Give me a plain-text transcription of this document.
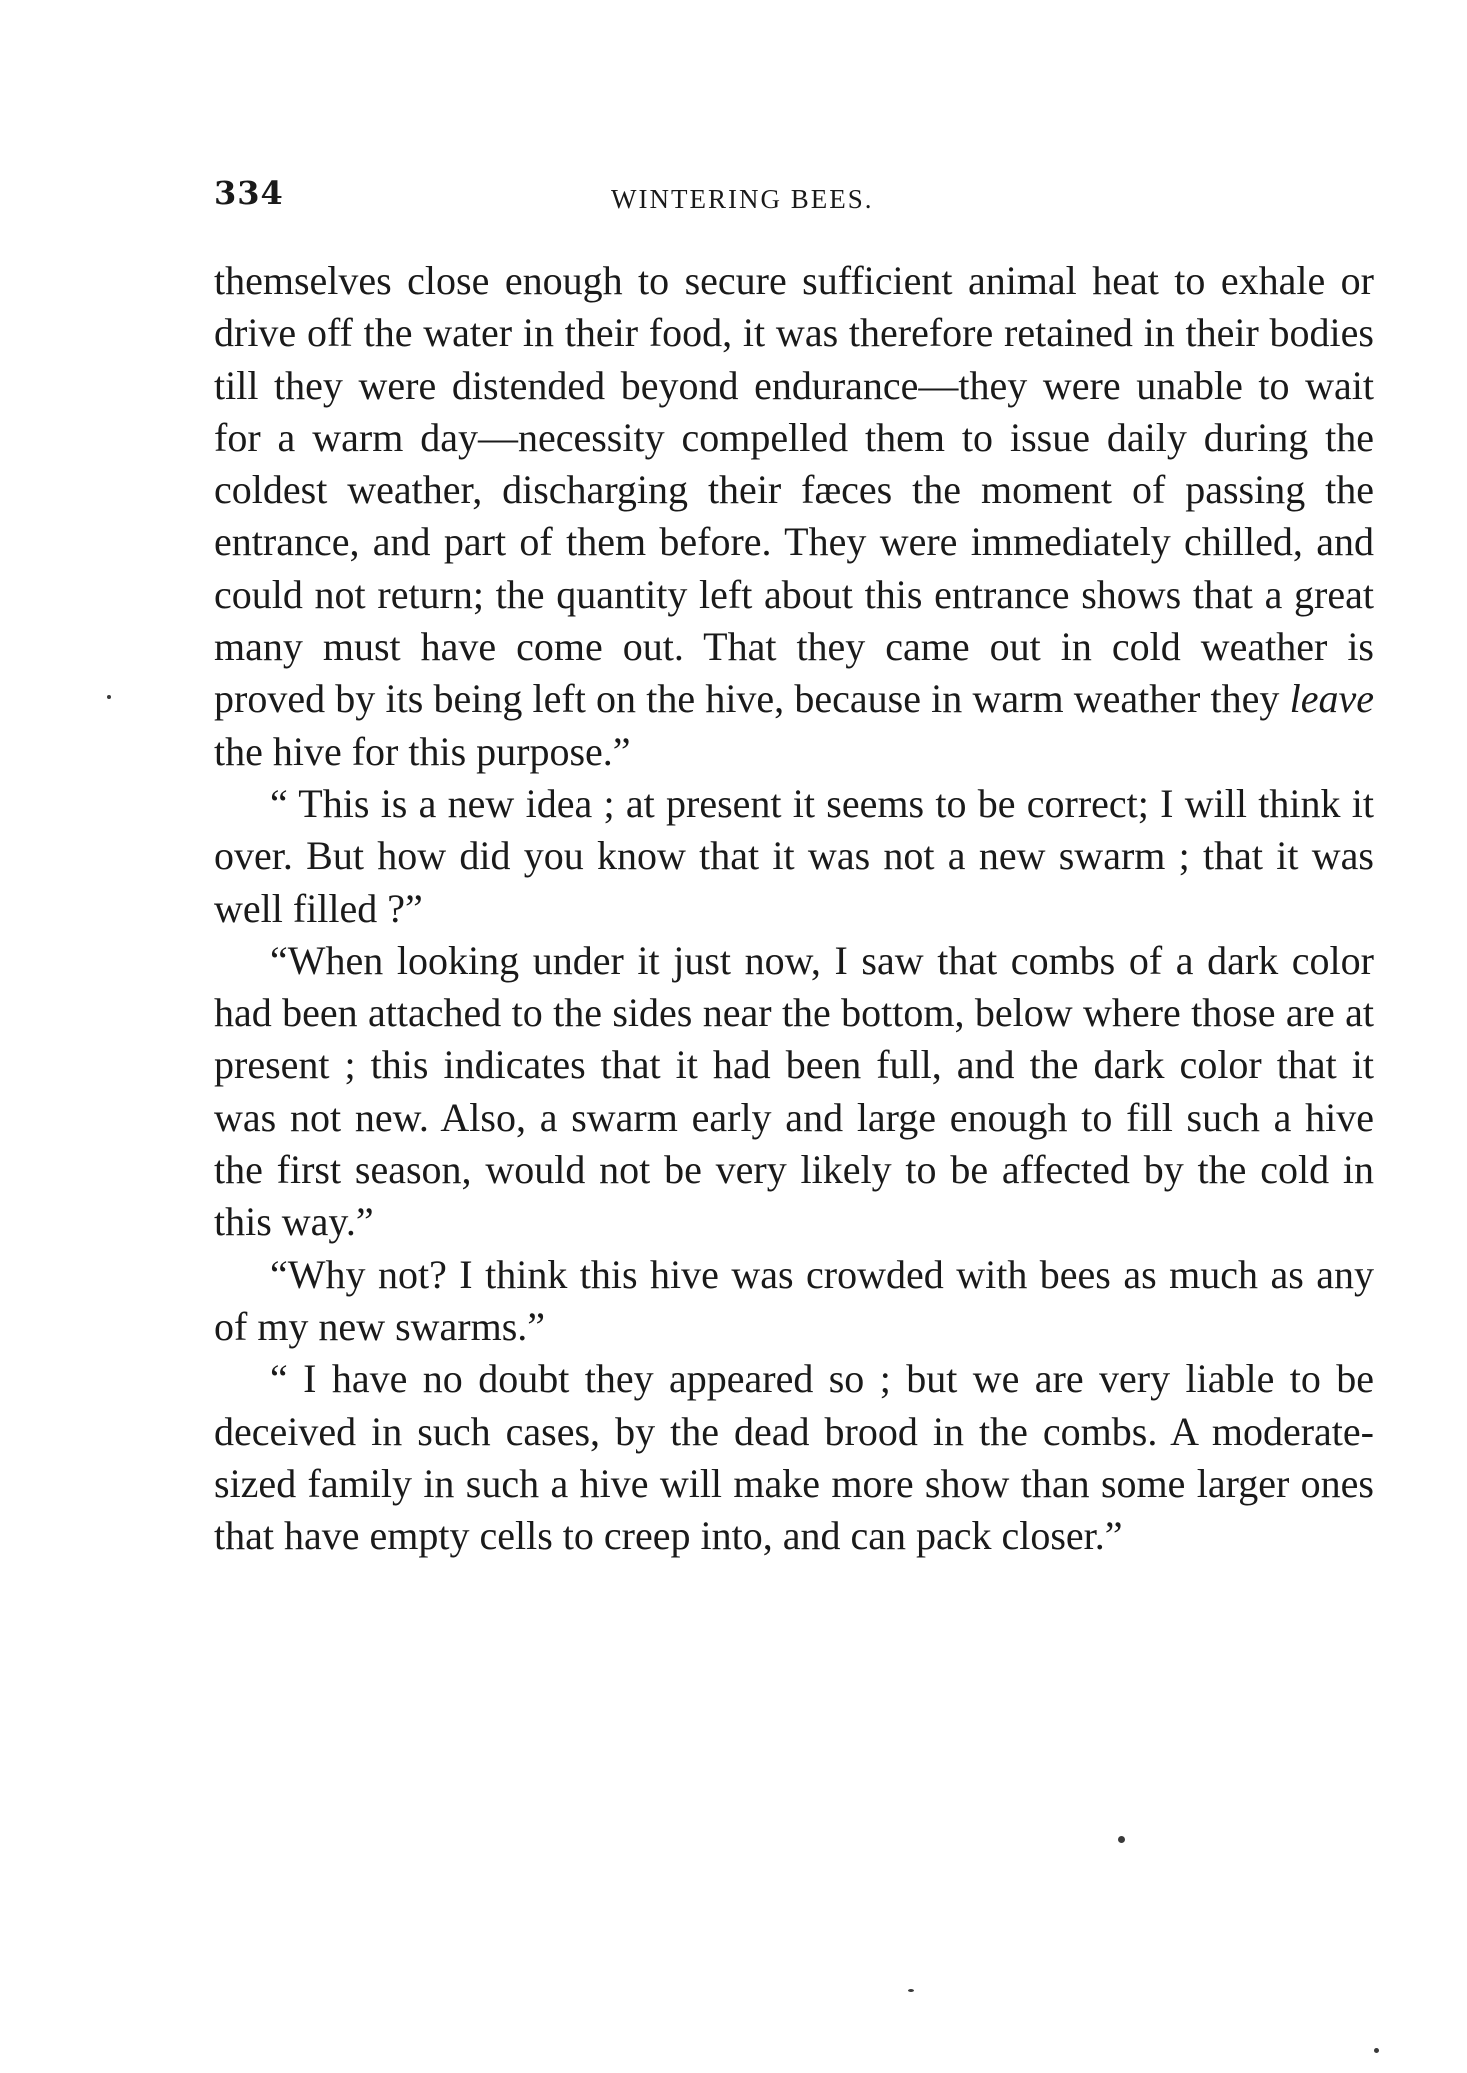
334	WINTERING BEES.

themselves close enough to secure sufficient animal heat to exhale or drive off the water in their food, it was therefore retained in their bodies till they were distended beyond endurance—they were unable to wait for a warm day—necessity compelled them to issue daily during the coldest weather, discharging their fæces the moment of passing the entrance, and part of them before. They were immediately chilled, and could not return; the quantity left about this entrance shows that a great many must have come out. That they came out in cold weather is proved by its being left on the hive, because in warm weather they leave the hive for this purpose.”

“ This is a new idea ; at present it seems to be correct; I will think it over. But how did you know that it was not a new swarm ; that it was well filled ?”

“When looking under it just now, I saw that combs of a dark color had been attached to the sides near the bottom, below where those are at present ; this indicates that it had been full, and the dark color that it was not new. Also, a swarm early and large enough to fill such a hive the first season, would not be very likely to be affected by the cold in this way.”

“Why not? I think this hive was crowded with bees as much as any of my new swarms.”

“ I have no doubt they appeared so ; but we are very liable to be deceived in such cases, by the dead brood in the combs. A moderate-sized family in such a hive will make more show than some larger ones that have empty cells to creep into, and can pack closer.”
